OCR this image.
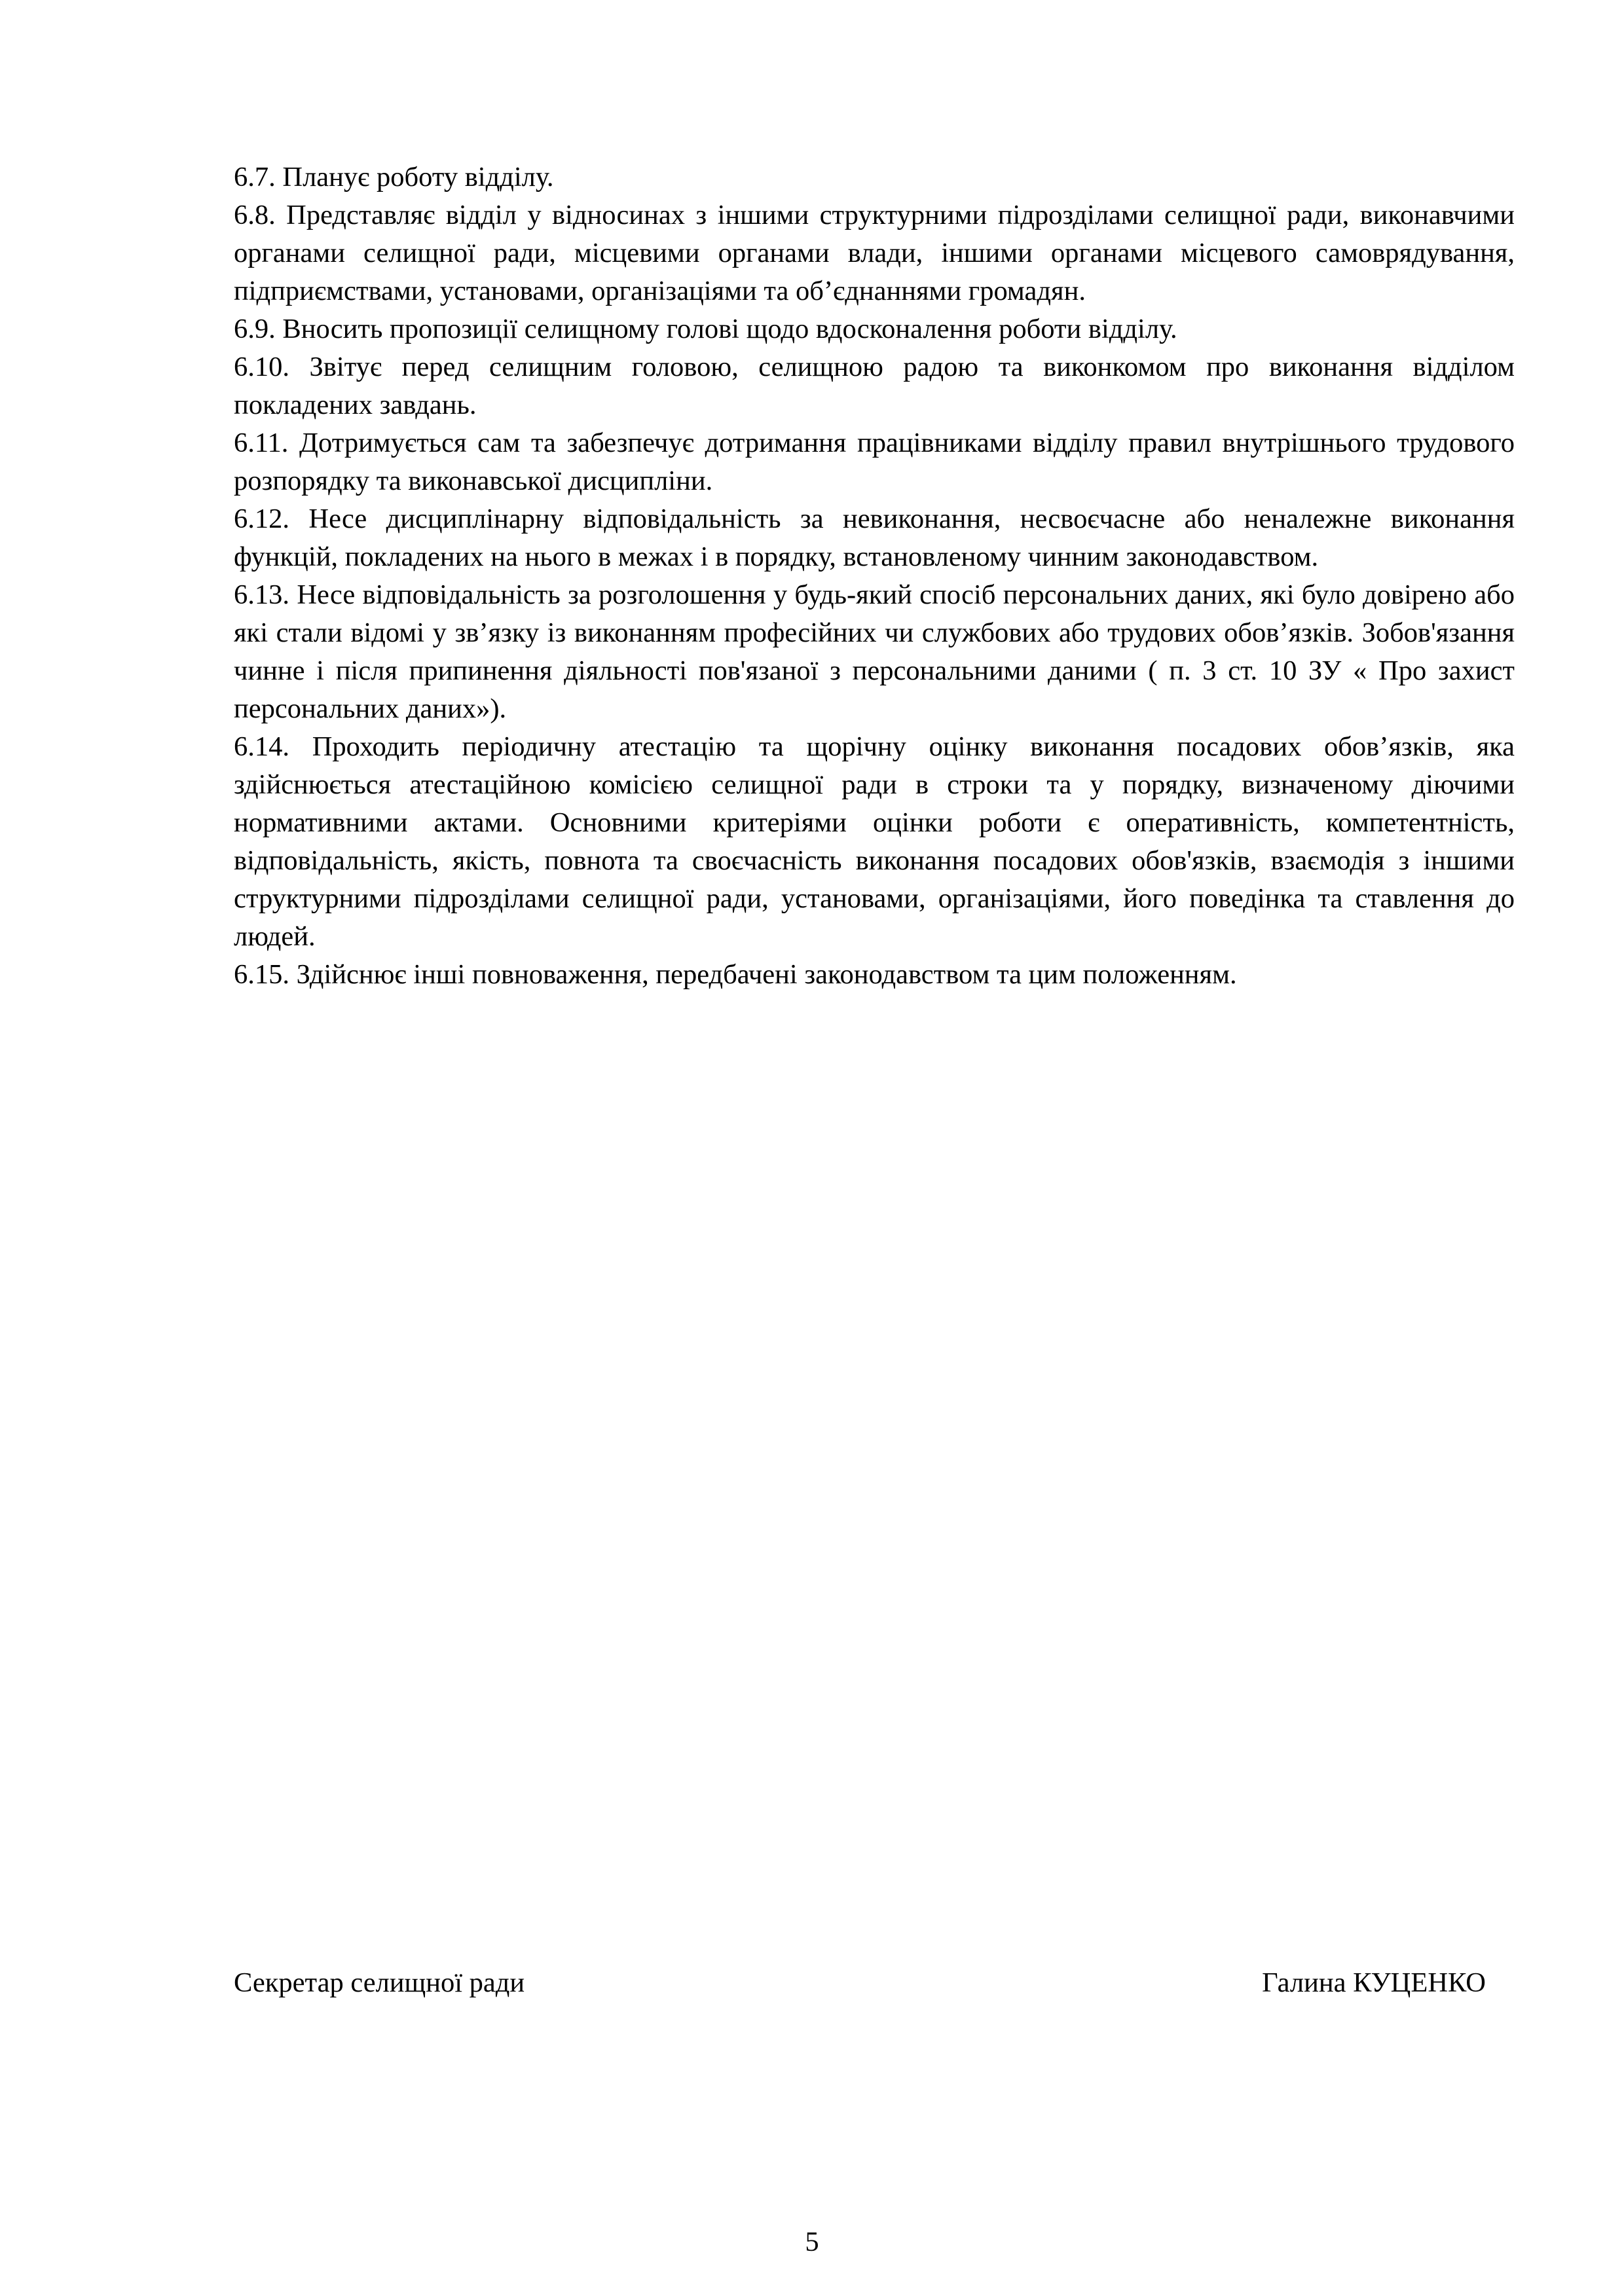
6.7. Планує роботу відділу.

6.8. Представляє відділ у відносинах з іншими структурними підрозділами селищної ради, виконавчими органами селищної ради, місцевими органами влади, іншими органами місцевого самоврядування, підприємствами, установами, організаціями та об’єднаннями громадян.

6.9. Вносить пропозиції селищному голові щодо вдосконалення роботи відділу.

6.10. Звітує перед селищним головою, селищною радою та виконкомом про виконання відділом покладених завдань.

6.11. Дотримується сам та забезпечує дотримання працівниками відділу правил внутрішнього трудового розпорядку та виконавської дисципліни.

6.12. Несе дисциплінарну відповідальність за невиконання, несвоєчасне або неналежне виконання функцій, покладених на нього в межах і в порядку, встановленому чинним законодавством.

6.13. Несе відповідальність за розголошення у будь-який спосіб персональних даних, які було довірено або які стали відомі у зв’язку із виконанням професійних чи службових або трудових обов’язків. Зобов'язання чинне і після припинення діяльності пов'язаної з персональними даними ( п. 3 ст. 10 ЗУ « Про захист персональних даних»).

6.14. Проходить періодичну атестацію та щорічну оцінку виконання посадових обов’язків, яка здійснюється атестаційною комісією селищної ради в строки та у порядку, визначеному діючими нормативними актами. Основними критеріями оцінки роботи є оперативність, компетентність, відповідальність, якість, повнота та своєчасність виконання посадових обов'язків, взаємодія з іншими структурними підрозділами селищної ради, установами, організаціями, його поведінка та ставлення до людей.

6.15. Здійснює інші повноваження, передбачені законодавством та цим положенням.

Секретар селищної ради	Галина КУЦЕНКО
5
